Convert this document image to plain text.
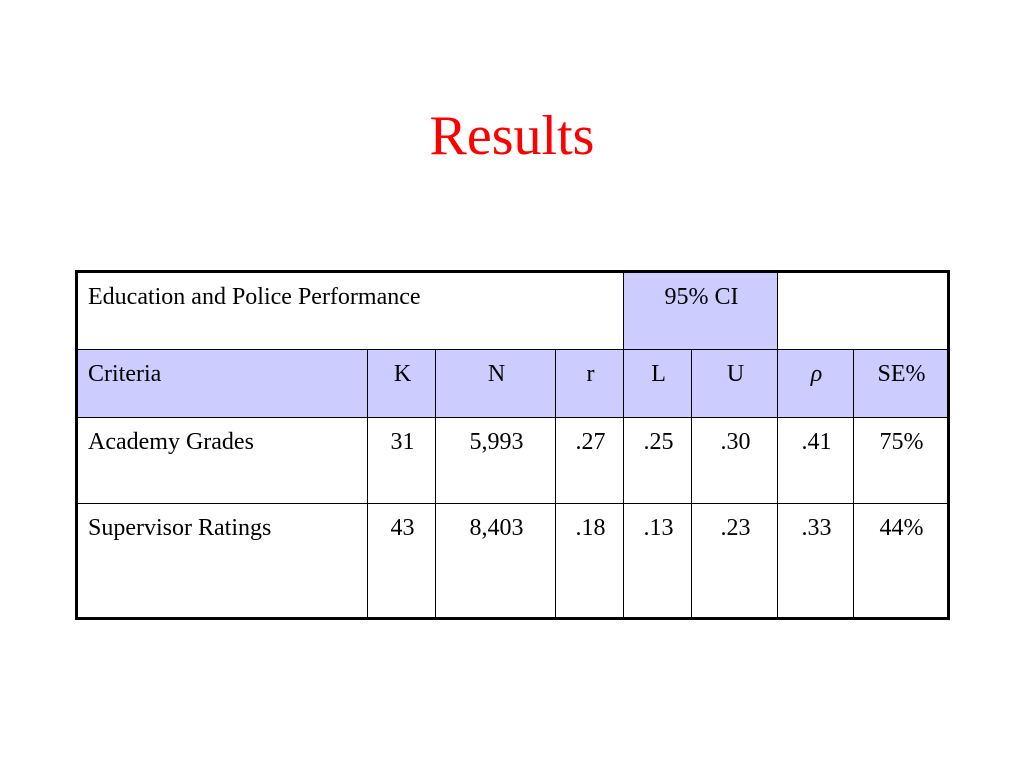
Results
Education and Police Performance				95% CI			
Criteria	K	N	r	L	U	ρ	SE%
Academy Grades	31	5,993	.27	.25	.30	.41	75%
Supervisor Ratings	43	8,403	.18	.13	.23	.33	44%
